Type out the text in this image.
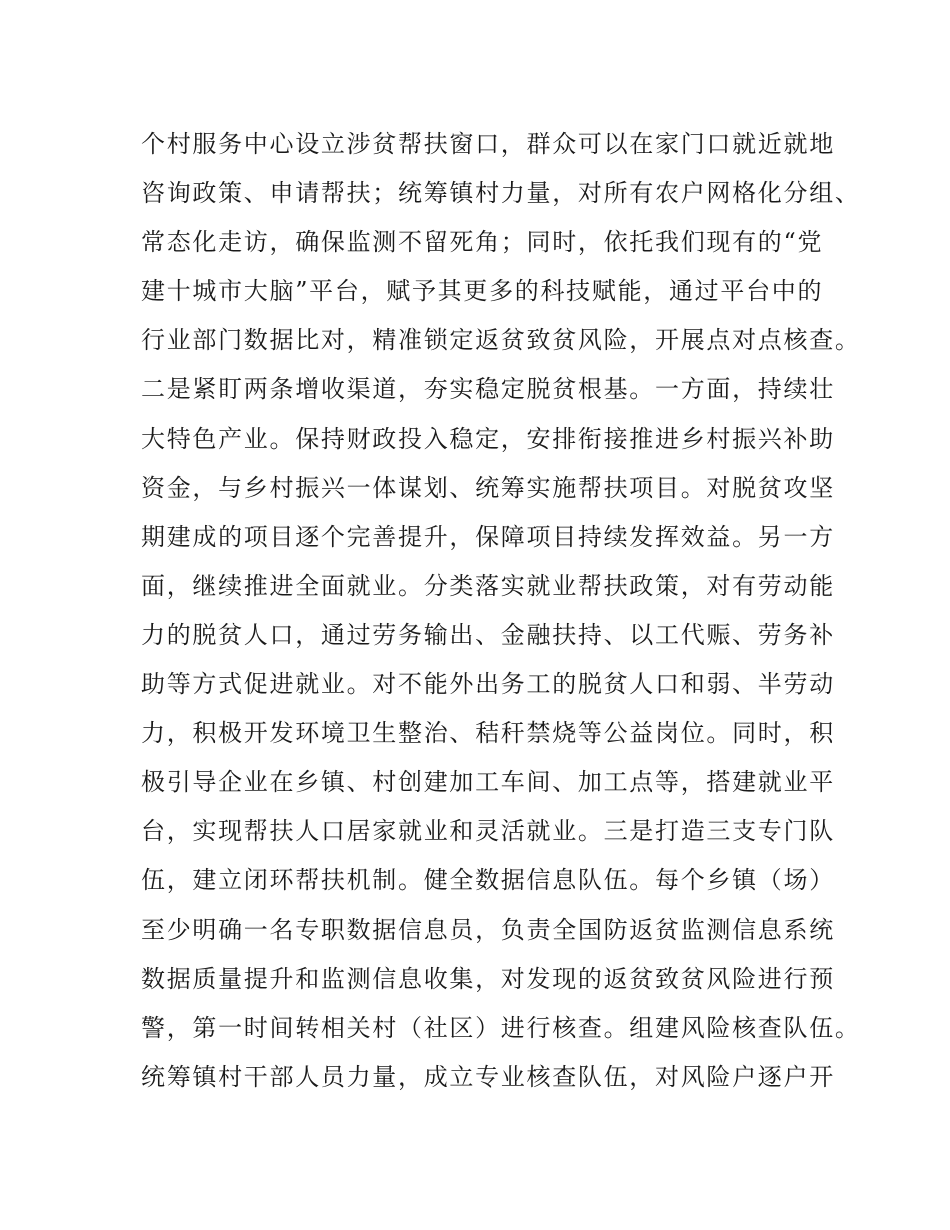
个村服务中心设立涉贫帮扶窗口，群众可以在家门口就近就地
咨询政策、申请帮扶；统筹镇村力量，对所有农户网格化分组、
常态化走访，确保监测不留死角；同时，依托我们现有的“党
建十城市大脑”平台，赋予其更多的科技赋能，通过平台中的
行业部门数据比对，精准锁定返贫致贫风险，开展点对点核查。
二是紧盯两条增收渠道，夯实稳定脱贫根基。一方面，持续壮
大特色产业。保持财政投入稳定，安排衔接推进乡村振兴补助
资金，与乡村振兴一体谋划、统筹实施帮扶项目。对脱贫攻坚
期建成的项目逐个完善提升，保障项目持续发挥效益。另一方
面，继续推进全面就业。分类落实就业帮扶政策，对有劳动能
力的脱贫人口，通过劳务输出、金融扶持、以工代赈、劳务补
助等方式促进就业。对不能外出务工的脱贫人口和弱、半劳动
力，积极开发环境卫生整治、秸秆禁烧等公益岗位。同时，积
极引导企业在乡镇、村创建加工车间、加工点等，搭建就业平
台，实现帮扶人口居家就业和灵活就业。三是打造三支专门队
伍，建立闭环帮扶机制。健全数据信息队伍。每个乡镇（场）
至少明确一名专职数据信息员，负责全国防返贫监测信息系统
数据质量提升和监测信息收集，对发现的返贫致贫风险进行预
警，第一时间转相关村（社区）进行核查。组建风险核查队伍。
统筹镇村干部人员力量，成立专业核查队伍，对风险户逐户开
